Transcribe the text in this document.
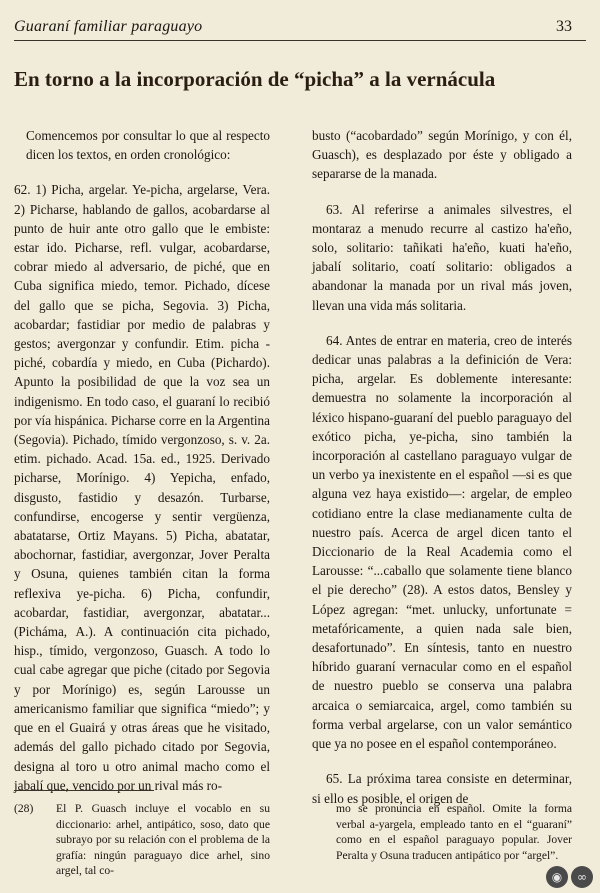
Guaraní familiar paraguayo	33
En torno a la incorporación de “picha” a la vernácula

Comencemos por consultar lo que al respecto dicen los textos, en orden cronológico:

62. 1) Picha, argelar. Ye-picha, argelarse, Vera. 2) Picharse, hablando de gallos, acobardarse al punto de huir ante otro gallo que le embiste: estar ido. Picharse, refl. vulgar, acobardarse, cobrar miedo al adversario, de piché, que en Cuba significa miedo, temor. Pichado, dícese del gallo que se picha, Segovia. 3) Picha, acobardar; fastidiar por medio de palabras y gestos; avergonzar y confundir. Etim. picha - piché, cobardía y miedo, en Cuba (Pichardo). Apunto la posibilidad de que la voz sea un indigenismo. En todo caso, el guaraní lo recibió por vía hispánica. Picharse corre en la Argentina (Segovia). Pichado, tímido vergonzoso, s. v. 2a. etim. pichado. Acad. 15a. ed., 1925. Derivado picharse, Morínigo. 4) Yepicha, enfado, disgusto, fastidio y desazón. Turbarse, confundirse, encogerse y sentir vergüenza, abatatarse, Ortiz Mayans. 5) Picha, abatatar, abochornar, fastidiar, avergonzar, Jover Peralta y Osuna, quienes también citan la forma reflexiva ye-picha. 6) Picha, confundir, acobardar, fastidiar, avergonzar, abatatar... (Pichámа, A.). A continuación cita pichado, hisp., tímido, vergonzoso, Guasch. A todo lo cual cabe agregar que piche (citado por Segovia y por Morínigo) es, según Larousse un americanismo familiar que significa “miedo”; y que en el Guairá y otras áreas que he visitado, además del gallo pichado citado por Segovia, designa al toro u otro animal macho como el jabalí que, vencido por un rival más ro-

busto (“acobardado” según Morínigo, y con él, Guasch), es desplazado por éste y obligado a separarse de la manada.

63. Al referirse a animales silvestres, el montaraz a menudo recurre al castizo ha'eño, solo, solitario: tañikati ha'eño, kuati ha'eño, jabalí solitario, coatí solitario: obligados a abandonar la manada por un rival más joven, llevan una vida más solitaria.

64. Antes de entrar en materia, creo de interés dedicar unas palabras a la definición de Vera: picha, argelar. Es doblemente interesante: demuestra no solamente la incorporación al léxico hispano-guaraní del pueblo paraguayo del exótico picha, ye-picha, sino también la incorporación al castellano paraguayo vulgar de un verbo ya inexistente en el español —si es que alguna vez haya existido—: argelar, de empleo cotidiano entre la clase medianamente culta de nuestro país. Acerca de argel dicen tanto el Diccionario de la Real Academia como el Larousse: “...caballo que solamente tiene blanco el pie derecho” (28). A estos datos, Bensley y López agregan: “met. unlucky, unfortunate = metafóricamente, a quien nada sale bien, desafortunado”. En síntesis, tanto en nuestro híbrido guaraní vernacular como en el español de nuestro pueblo se conserva una palabra arcaica o semiarcaica, argel, como también su forma verbal argelarse, con un valor semántico que ya no posee en el español contemporáneo.

65. La próxima tarea consiste en determinar, si ello es posible, el origen de

(28) El P. Guasch incluye el vocablo en su diccionario: arhel, antipático, soso, dato que subrayo por su relación con el problema de la grafía: ningún paraguayo dice arhel, sino argel, tal co-

mo se pronuncia en español. Omite la forma verbal a-yargela, empleado tanto en el “guaraní” como en el español paraguayo popular. Jover Peralta y Osuna traducen antipático por “argel”.

◉	∞
